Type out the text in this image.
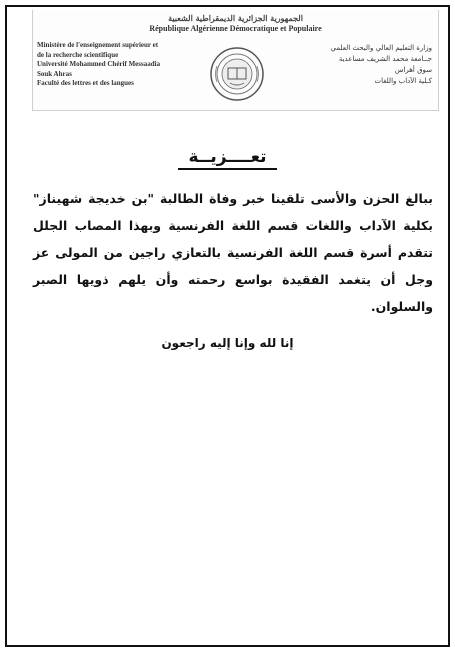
الجمهورية الجزائرية الديمقراطية الشعبية
République Algérienne Démocratique et Populaire
Ministère de l'enseignement supérieur et
de la recherche scientifique
Université Mohammed Chérif Messaadia
Souk Ahras
Faculté des lettres et des langues
وزارة التعليم العالي والبحث العلمي
جــامعة محمد الشريف مساعدية
سوق أهراس
كـلية الآداب واللغات
تعــــزيــة
ببالغ الحزن والأسى تلقينا خبر وفاة الطالبة "بن خديجة شهيناز" بكلية الآداب واللغات قسم اللغة الفرنسية وبهذا المصاب الجلل تتقدم أسرة قسم اللغة الفرنسية بالتعازي راجين من المولى عز وجل أن يتغمد الفقيدة بواسع رحمته وأن يلهم ذويها الصبر والسلوان.
إنا لله وإنا إليه راجعون
